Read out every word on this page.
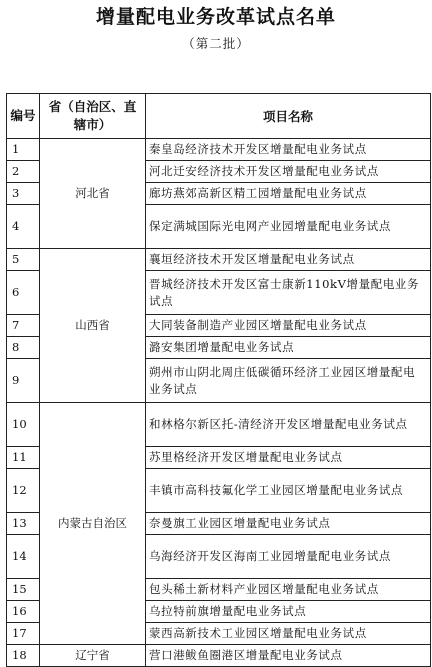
增量配电业务改革试点名单
（第二批）
编号	省（自治区、直辖市）	项目名称
1	河北省	秦皇岛经济技术开发区增量配电业务试点
2		河北迁安经济技术开发区增量配电业务试点
3		廊坊燕郊高新区精工园增量配电业务试点
4		保定满城国际光电网产业园增量配电业务试点
5	山西省	襄垣经济技术开发区增量配电业务试点
6		晋城经济技术开发区富士康新110kV增量配电业务试点
7		大同装备制造产业园区增量配电业务试点
8		潞安集团增量配电业务试点
9		朔州市山阴北周庄低碳循环经济工业园区增量配电业务试点
10	内蒙古自治区	和林格尔新区托-清经济开发区增量配电业务试点
11		苏里格经济开发区增量配电业务试点
12		丰镇市高科技氟化学工业园区增量配电业务试点
13		奈曼旗工业园区增量配电业务试点
14		乌海经济开发区海南工业园增量配电业务试点
15		包头稀土新材料产业园区增量配电业务试点
16		乌拉特前旗增量配电业务试点
17		蒙西高新技术工业园区增量配电业务试点
18	辽宁省	营口港鲅鱼圈港区增量配电业务试点
